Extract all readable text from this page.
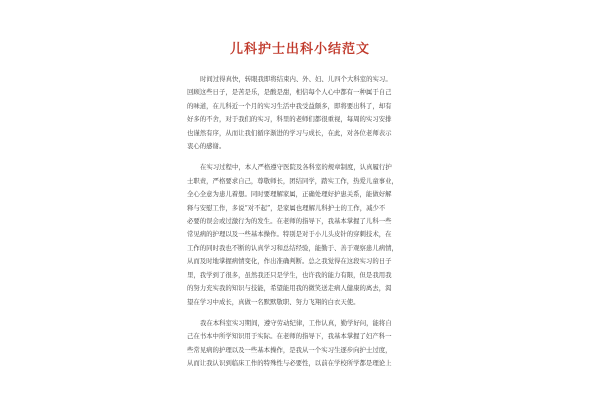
儿科护士出科小结范文
· · ·

时间过得真快，转眼我即将结束内、外、妇、儿四个大科室的实习。
回顾这些日子，是苦是乐，是酸是甜，相信每个人心中都有一种属于自己
的味道，在儿科近一个月的实习生活中我受益颇多，即将要出科了，却有
好多的不舍，对于我们的实习，科里的老师们都很重视，每周的实习安排
也谨然有序，从而让我们循序渐进的学习与成长，在此，对各位老师表示
衷心的感谢。

在实习过程中，本人严格遵守医院及各科室的规章制度，认真履行护
士职责，严格要求自己，尊敬师长，团结同学，踏实工作，热爱儿童事业，
全心全意为患儿着想。同时要理解家属，正确处理好护患关系，能做好解
释与安慰工作，多说“对不起”，是家属也理解儿科护士的工作，减少不
必要的误会或过激行为的发生。在老师的指导下，我基本掌握了儿科一些
常见病的护理以及一些基本操作。特别是对于小儿头皮针的穿刺技术，在
工作的同时我也不断的认真学习和总结经验，能勤于、善于观察患儿病情，
从而及时地掌握病情变化，作出准确判断。总之我觉得在这段实习的日子
里，我学到了很多，虽然我还只是学生，也许我的能力有限，但是我用我
的努力充实我的知识与技能，希望能用我的微笑送走病人健康的离去，渴
望在学习中成长，真做一名默默敬职、努力飞翔的白衣天使。

我在本科室实习期间，遵守劳动纪律，工作认真，勤学好问，能将自
己在书本中所学知识用于实际。在老师的指导下，我基本掌握了妇产科一
些常见病的护理以及一些基本操作，是我从一个实习生逐步向护士过度，
从而让我认识到临床工作的特殊性与必要性，以前在学校所学都是理论上
